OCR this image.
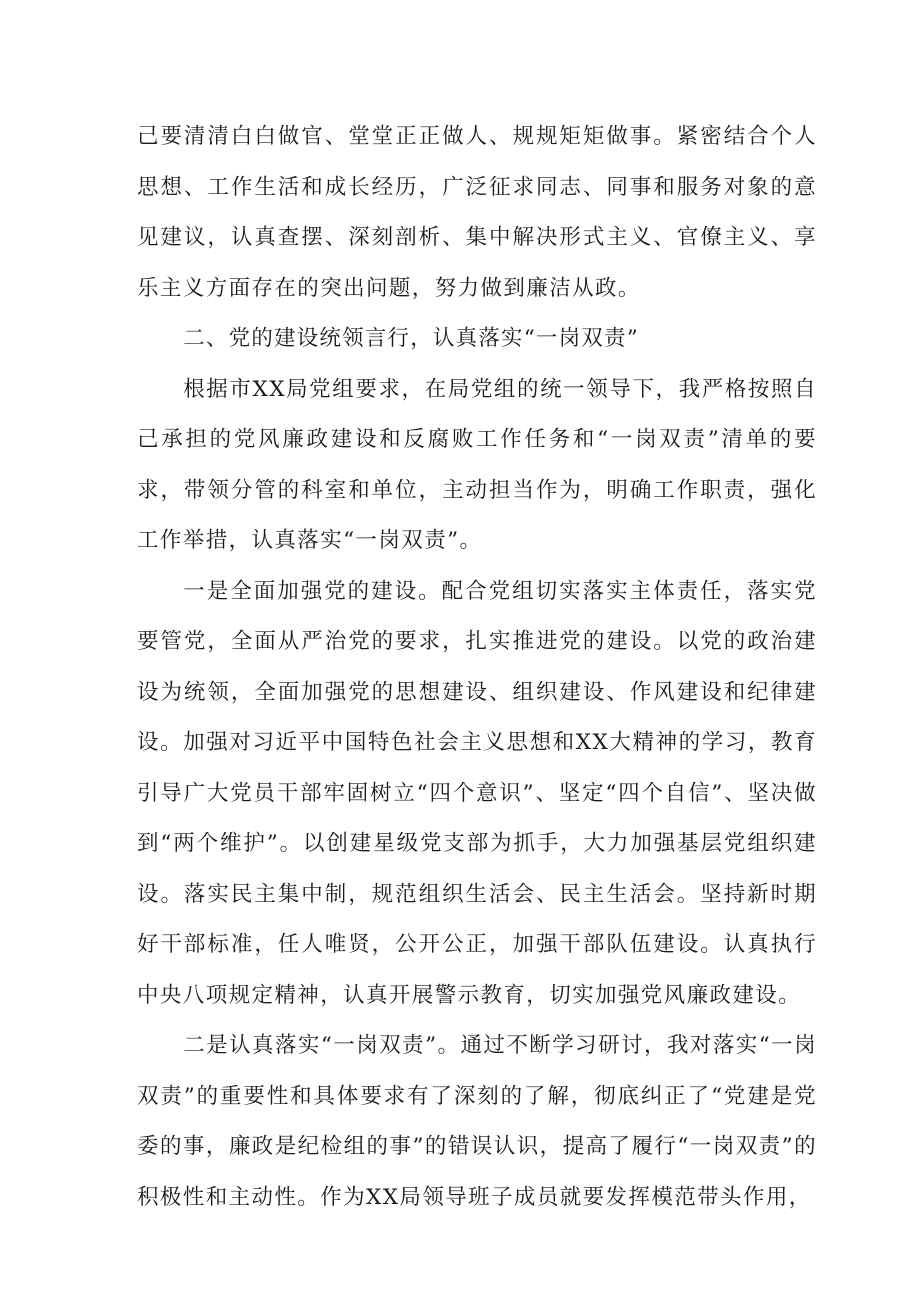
己要清清白白做官、堂堂正正做人、规规矩矩做事。紧密结合个人思想、工作生活和成长经历，广泛征求同志、同事和服务对象的意见建议，认真查摆、深刻剖析、集中解决形式主义、官僚主义、享乐主义方面存在的突出问题，努力做到廉洁从政。

二、党的建设统领言行，认真落实“一岗双责”

根据市XX局党组要求，在局党组的统一领导下，我严格按照自己承担的党风廉政建设和反腐败工作任务和“一岗双责”清单的要求，带领分管的科室和单位，主动担当作为，明确工作职责，强化工作举措，认真落实“一岗双责”。

一是全面加强党的建设。配合党组切实落实主体责任，落实党要管党，全面从严治党的要求，扎实推进党的建设。以党的政治建设为统领，全面加强党的思想建设、组织建设、作风建设和纪律建设。加强对习近平中国特色社会主义思想和XX大精神的学习，教育引导广大党员干部牢固树立“四个意识”、坚定“四个自信”、坚决做到“两个维护”。以创建星级党支部为抓手，大力加强基层党组织建设。落实民主集中制，规范组织生活会、民主生活会。坚持新时期好干部标准，任人唯贤，公开公正，加强干部队伍建设。认真执行中央八项规定精神，认真开展警示教育，切实加强党风廉政建设。

二是认真落实“一岗双责”。通过不断学习研讨，我对落实“一岗双责”的重要性和具体要求有了深刻的了解，彻底纠正了“党建是党委的事，廉政是纪检组的事”的错误认识，提高了履行“一岗双责”的积极性和主动性。作为XX局领导班子成员就要发挥模范带头作用，
